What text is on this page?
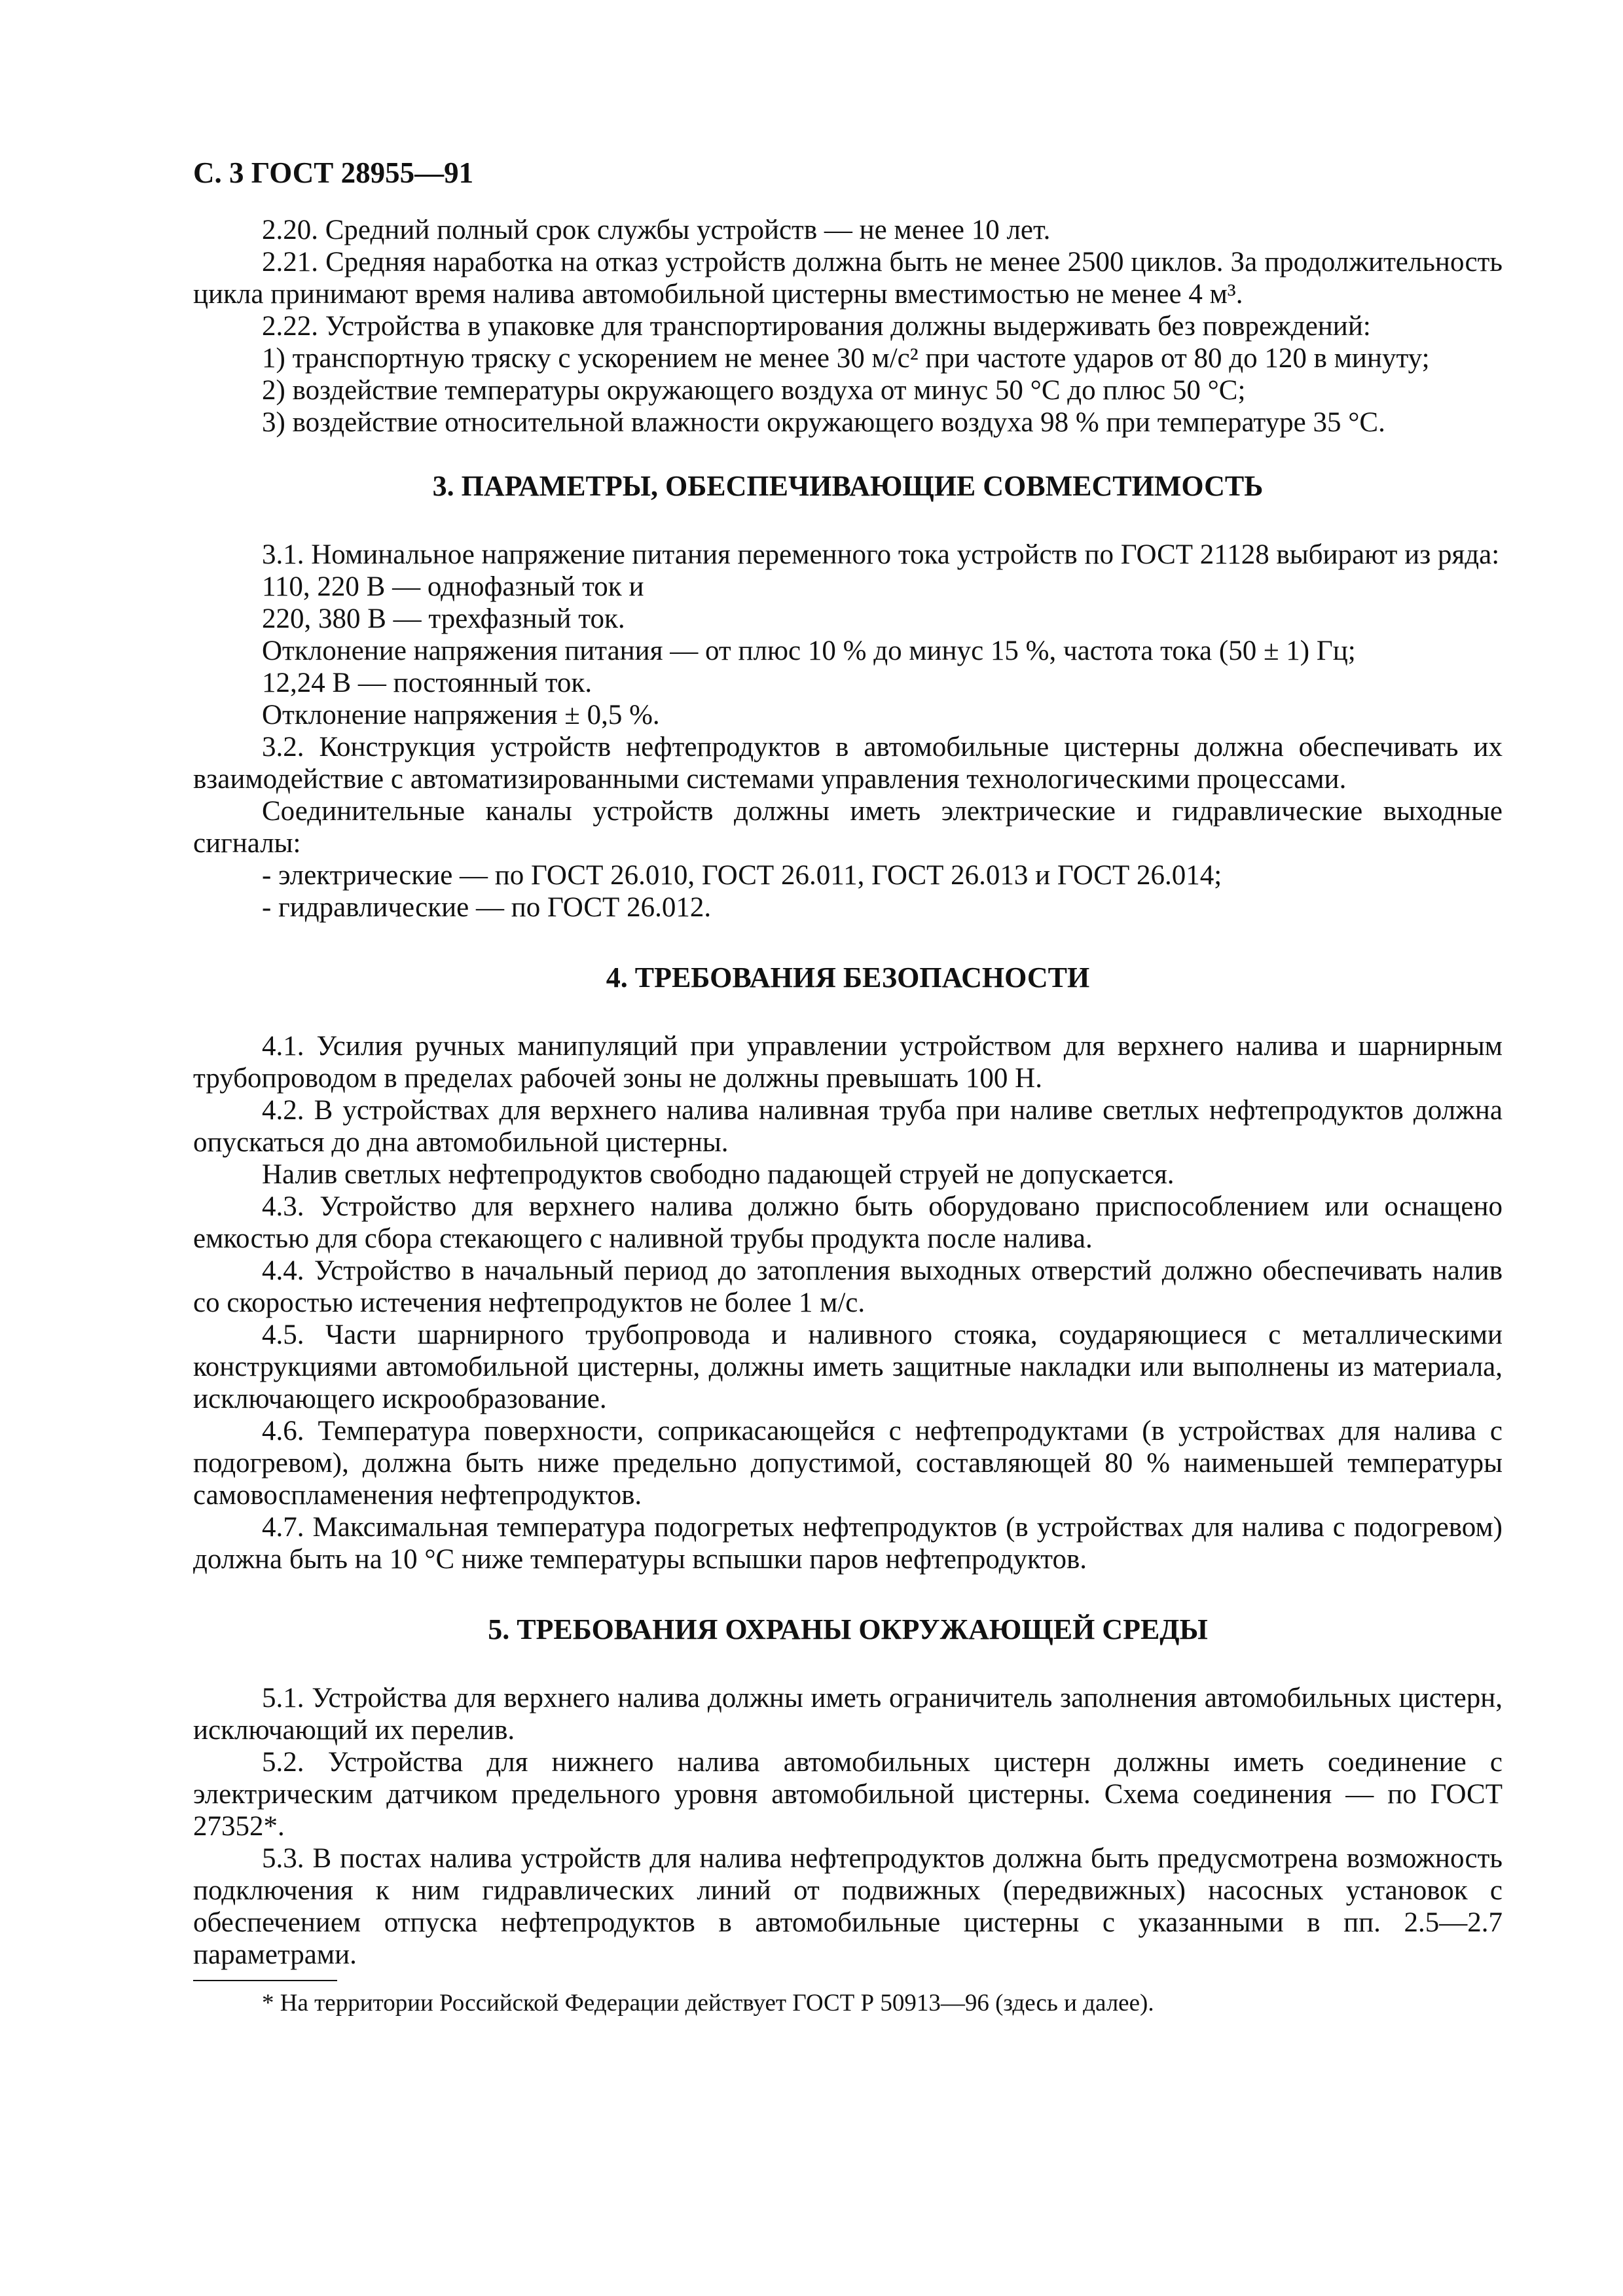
С. 3 ГОСТ 28955—91

2.20. Средний полный срок службы устройств — не менее 10 лет.

2.21. Средняя наработка на отказ устройств должна быть не менее 2500 циклов. За продолжительность цикла принимают время налива автомобильной цистерны вместимостью не менее 4 м³.

2.22. Устройства в упаковке для транспортирования должны выдерживать без повреждений:

1) транспортную тряску с ускорением не менее 30 м/с² при частоте ударов от 80 до 120 в минуту;

2) воздействие температуры окружающего воздуха от минус 50 °С до плюс 50 °С;

3) воздействие относительной влажности окружающего воздуха 98 % при температуре 35 °С.

3. ПАРАМЕТРЫ, ОБЕСПЕЧИВАЮЩИЕ СОВМЕСТИМОСТЬ

3.1. Номинальное напряжение питания переменного тока устройств по ГОСТ 21128 выбирают из ряда:

110, 220 В — однофазный ток и

220, 380 В — трехфазный ток.

Отклонение напряжения питания — от плюс 10 % до минус 15 %, частота тока (50 ± 1) Гц;

12,24 В — постоянный ток.

Отклонение напряжения ± 0,5 %.

3.2. Конструкция устройств нефтепродуктов в автомобильные цистерны должна обеспечивать их взаимодействие с автоматизированными системами управления технологическими процессами.

Соединительные каналы устройств должны иметь электрические и гидравлические выходные сигналы:

- электрические — по ГОСТ 26.010, ГОСТ 26.011, ГОСТ 26.013 и ГОСТ 26.014;

- гидравлические — по ГОСТ 26.012.

4. ТРЕБОВАНИЯ БЕЗОПАСНОСТИ

4.1. Усилия ручных манипуляций при управлении устройством для верхнего налива и шарнирным трубопроводом в пределах рабочей зоны не должны превышать 100 Н.

4.2. В устройствах для верхнего налива наливная труба при наливе светлых нефтепродуктов должна опускаться до дна автомобильной цистерны.

Налив светлых нефтепродуктов свободно падающей струей не допускается.

4.3. Устройство для верхнего налива должно быть оборудовано приспособлением или оснащено емкостью для сбора стекающего с наливной трубы продукта после налива.

4.4. Устройство в начальный период до затопления выходных отверстий должно обеспечивать налив со скоростью истечения нефтепродуктов не более 1 м/с.

4.5. Части шарнирного трубопровода и наливного стояка, соударяющиеся с металлическими конструкциями автомобильной цистерны, должны иметь защитные накладки или выполнены из материала, исключающего искрообразование.

4.6. Температура поверхности, соприкасающейся с нефтепродуктами (в устройствах для налива с подогревом), должна быть ниже предельно допустимой, составляющей 80 % наименьшей температуры самовоспламенения нефтепродуктов.

4.7. Максимальная температура подогретых нефтепродуктов (в устройствах для налива с подогревом) должна быть на 10 °С ниже температуры вспышки паров нефтепродуктов.

5. ТРЕБОВАНИЯ ОХРАНЫ ОКРУЖАЮЩЕЙ СРЕДЫ

5.1. Устройства для верхнего налива должны иметь ограничитель заполнения автомобильных цистерн, исключающий их перелив.

5.2. Устройства для нижнего налива автомобильных цистерн должны иметь соединение с электрическим датчиком предельного уровня автомобильной цистерны. Схема соединения — по ГОСТ 27352*.

5.3. В постах налива устройств для налива нефтепродуктов должна быть предусмотрена возможность подключения к ним гидравлических линий от подвижных (передвижных) насосных установок с обеспечением отпуска нефтепродуктов в автомобильные цистерны с указанными в пп. 2.5—2.7 параметрами.

* На территории Российской Федерации действует ГОСТ Р 50913—96 (здесь и далее).
